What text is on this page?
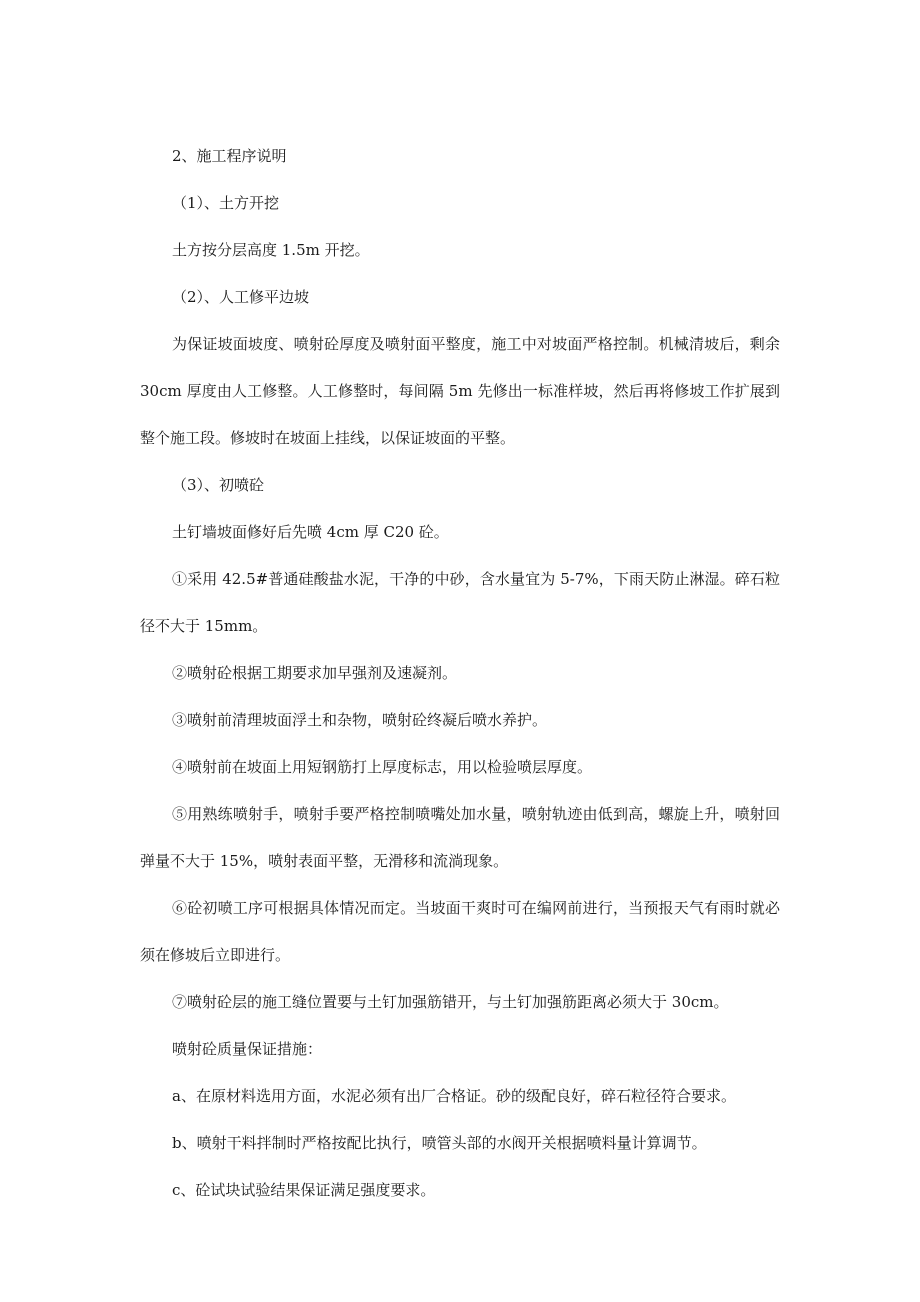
2、施工程序说明

（1）、土方开挖

土方按分层高度 1.5m 开挖。

（2）、人工修平边坡

为保证坡面坡度、喷射砼厚度及喷射面平整度，施工中对坡面严格控制。机械清坡后，剩余 30cm 厚度由人工修整。人工修整时，每间隔 5m 先修出一标准样坡，然后再将修坡工作扩展到整个施工段。修坡时在坡面上挂线，以保证坡面的平整。

（3）、初喷砼

土钉墙坡面修好后先喷 4cm 厚 C20 砼。

①采用 42.5#普通硅酸盐水泥，干净的中砂，含水量宜为 5-7%，下雨天防止淋湿。碎石粒径不大于 15mm。

②喷射砼根据工期要求加早强剂及速凝剂。

③喷射前清理坡面浮土和杂物，喷射砼终凝后喷水养护。

④喷射前在坡面上用短钢筋打上厚度标志，用以检验喷层厚度。

⑤用熟练喷射手，喷射手要严格控制喷嘴处加水量，喷射轨迹由低到高，螺旋上升，喷射回弹量不大于 15%，喷射表面平整，无滑移和流淌现象。

⑥砼初喷工序可根据具体情况而定。当坡面干爽时可在编网前进行，当预报天气有雨时就必须在修坡后立即进行。

⑦喷射砼层的施工缝位置要与土钉加强筋错开，与土钉加强筋距离必须大于 30cm。

喷射砼质量保证措施：

a、在原材料选用方面，水泥必须有出厂合格证。砂的级配良好，碎石粒径符合要求。

b、喷射干料拌制时严格按配比执行，喷管头部的水阀开关根据喷料量计算调节。

c、砼试块试验结果保证满足强度要求。
